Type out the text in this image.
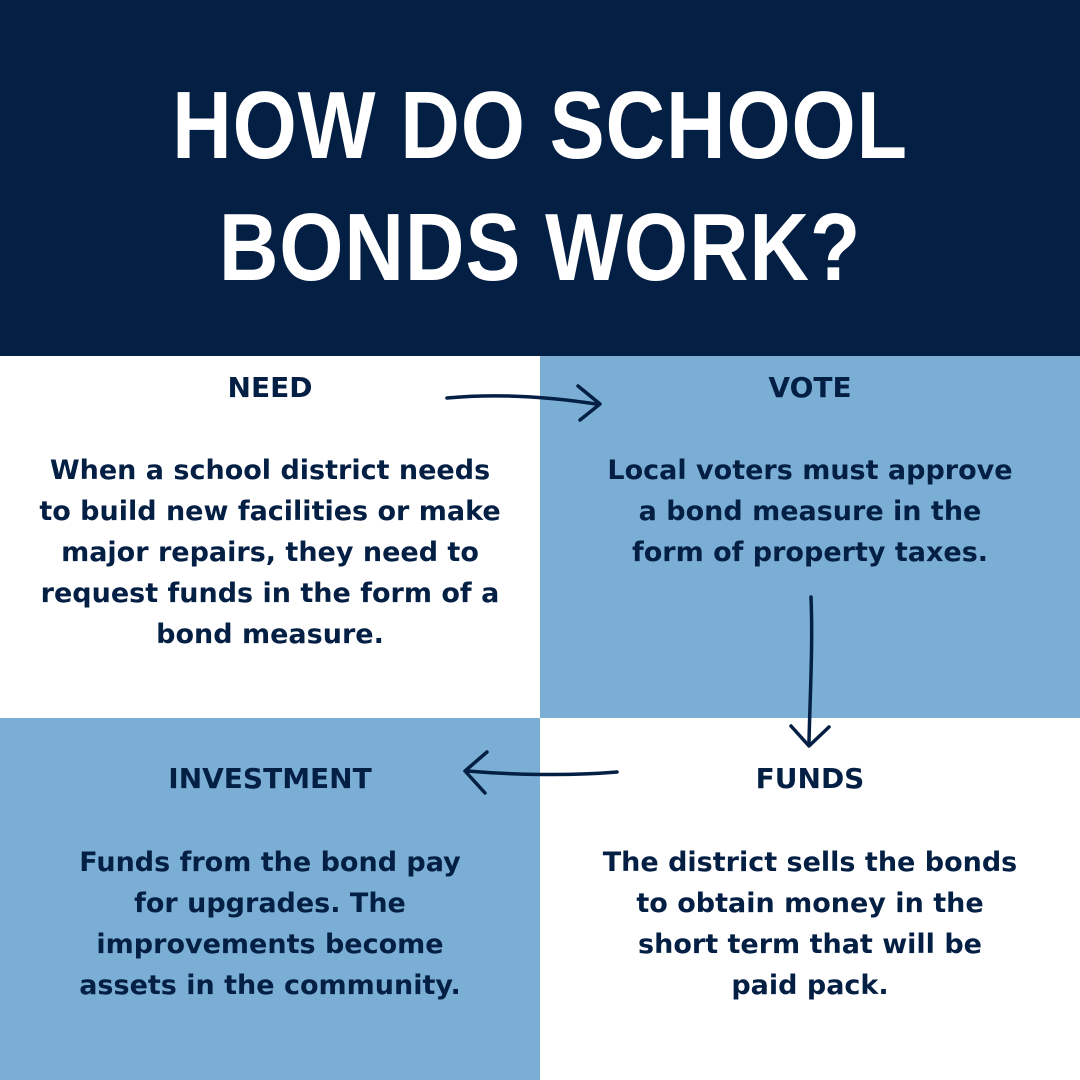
HOW DO SCHOOL
BONDS WORK?
NEED
When a school district needs
to build new facilities or make
major repairs, they need to
request funds in the form of a
bond measure.
VOTE
Local voters must approve
a bond measure in the
form of property taxes.
INVESTMENT
Funds from the bond pay
for upgrades. The
improvements become
assets in the community.
FUNDS
The district sells the bonds
to obtain money in the
short term that will be
paid pack.
